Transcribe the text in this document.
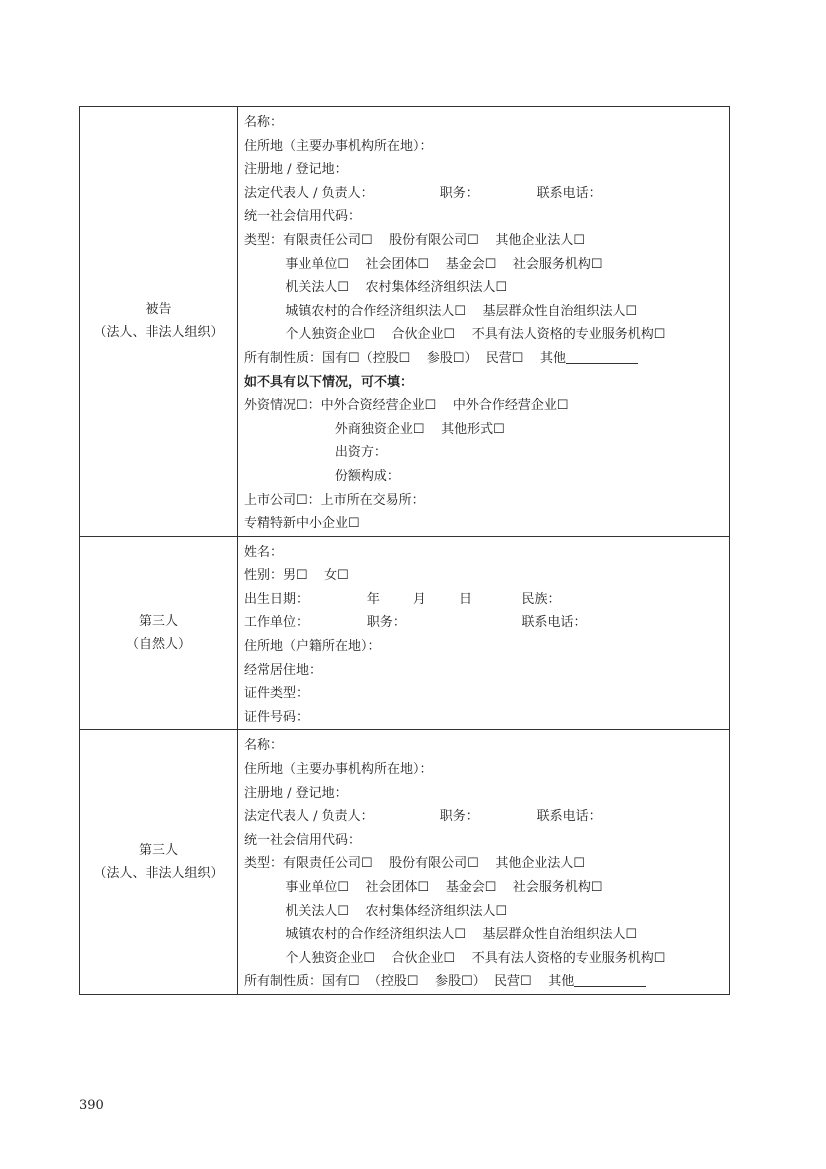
被告
（法人、非法人组织）
名称：
住所地（主要办事机构所在地）：
注册地 / 登记地：
法定代表人 / 负责人：                职务：              联系电话：
统一社会信用代码：
类型：有限责任公司☐    股份有限公司☐    其他企业法人☐
事业单位☐    社会团体☐    基金会☐    社会服务机构☐
机关法人☐    农村集体经济组织法人☐
城镇农村的合作经济组织法人☐    基层群众性自治组织法人☐
个人独资企业☐    合伙企业☐    不具有法人资格的专业服务机构☐
所有制性质：国有☐（控股☐    参股☐）  民营☐    其他
如不具有以下情况，可不填：
外资情况☐：中外合资经营企业☐    中外合作经营企业☐
外商独资企业☐    其他形式☐
出资方：
份额构成：
上市公司☐：上市所在交易所：
专精特新中小企业☐
第三人
（自然人）
姓名：
性别：男☐    女☐
出生日期：              年        月        日            民族：
工作单位：              职务：                            联系电话：
住所地（户籍所在地）：
经常居住地：
证件类型：
证件号码：
第三人
（法人、非法人组织）
名称：
住所地（主要办事机构所在地）：
注册地 / 登记地：
法定代表人 / 负责人：                职务：              联系电话：
统一社会信用代码：
类型：有限责任公司☐    股份有限公司☐    其他企业法人☐
事业单位☐    社会团体☐    基金会☐    社会服务机构☐
机关法人☐    农村集体经济组织法人☐
城镇农村的合作经济组织法人☐    基层群众性自治组织法人☐
个人独资企业☐    合伙企业☐    不具有法人资格的专业服务机构☐
所有制性质：国有☐  （控股☐    参股☐）  民营☐    其他
390
